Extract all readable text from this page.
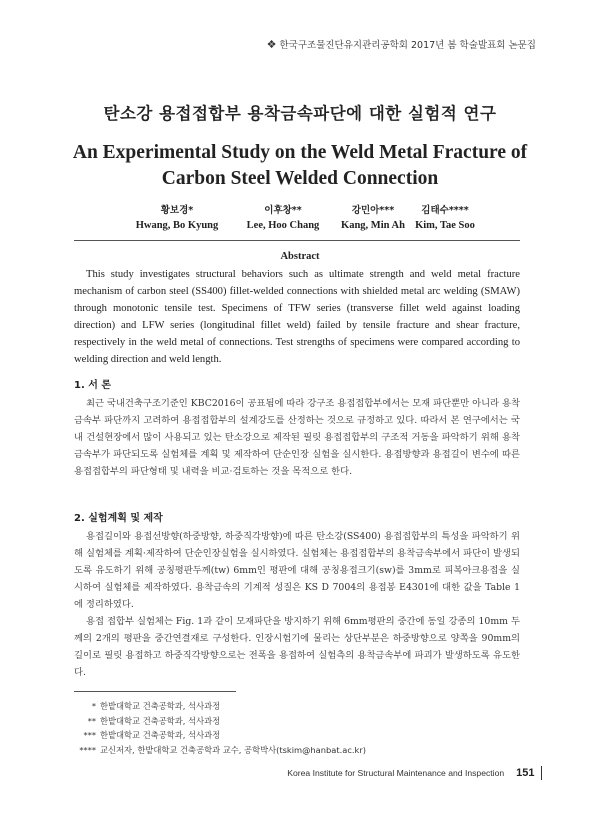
❖ 한국구조물진단유지관리공학회 2017년 봄 학술발표회 논문집
탄소강 용접접합부 용착금속파단에 대한 실험적 연구
An Experimental Study on the Weld Metal Fracture of
Carbon Steel Welded Connection
황보경*
Hwang, Bo Kyung
이후창**
Lee, Hoo Chang
강민아***
Kang, Min Ah
김태수****
Kim, Tae Soo
Abstract
This study investigates structural behaviors such as ultimate strength and weld metal fracture mechanism of carbon steel (SS400) fillet-welded connections with shielded metal arc welding (SMAW) through monotonic tensile test. Specimens of TFW series (transverse fillet weld against loading direction) and LFW series (longitudinal fillet weld) failed by tensile fracture and shear fracture, respectively in the weld metal of connections. Test strengths of specimens were compared according to welding direction and weld length.
1. 서 론
최근 국내건축구조기준인 KBC2016이 공표됨에 따라 강구조 용접접합부에서는 모재 파단뿐만 아니라 용착금속부 파단까지 고려하여 용접접합부의 설계강도를 산정하는 것으로 규정하고 있다. 따라서 본 연구에서는 국내 건설현장에서 많이 사용되고 있는 탄소강으로 제작된 필릿 용접접합부의 구조적 거동을 파악하기 위해 용착금속부가 파단되도록 실험체를 계획 및 제작하여 단순인장 실험을 실시한다. 용접방향과 용접길이 변수에 따른 용접접합부의 파단형태 및 내력을 비교·검토하는 것을 목적으로 한다.
2. 실험계획 및 제작
용접길이와 용접선방향(하중방향, 하중직각방향)에 따른 탄소강(SS400) 용접접합부의 특성을 파악하기 위해 실험체를 계획·제작하여 단순인장실험을 실시하였다. 실험체는 용접접합부의 용착금속부에서 파단이 발생되도록 유도하기 위해 공칭평판두께(tw) 6mm인 평판에 대해 공칭용접크기(sw)를 3mm로 피복아크용접을 실시하여 실험체를 제작하였다. 용착금속의 기계적 성질은 KS D 7004의 용접봉 E4301에 대한 값을 Table 1에 정리하였다.
용접 접합부 실험체는 Fig. 1과 같이 모재파단을 방지하기 위해 6mm평판의 중간에 동일 강종의 10mm 두께의 2개의 평판을 중간연결재로 구성한다. 인장시험기에 물리는 상단부분은 하중방향으로 양쪽을 90mm의 길이로 필릿 용접하고 하중직각방향으로는 전폭을 용접하여 실험측의 용착금속부에 파괴가 발생하도록 유도한다.
* 한밭대학교 건축공학과, 석사과정
** 한밭대학교 건축공학과, 석사과정
*** 한밭대학교 건축공학과, 석사과정
**** 교신저자, 한밭대학교 건축공학과 교수, 공학박사(tskim@hanbat.ac.kr)
Korea Institute for Structural Maintenance and Inspection 151
